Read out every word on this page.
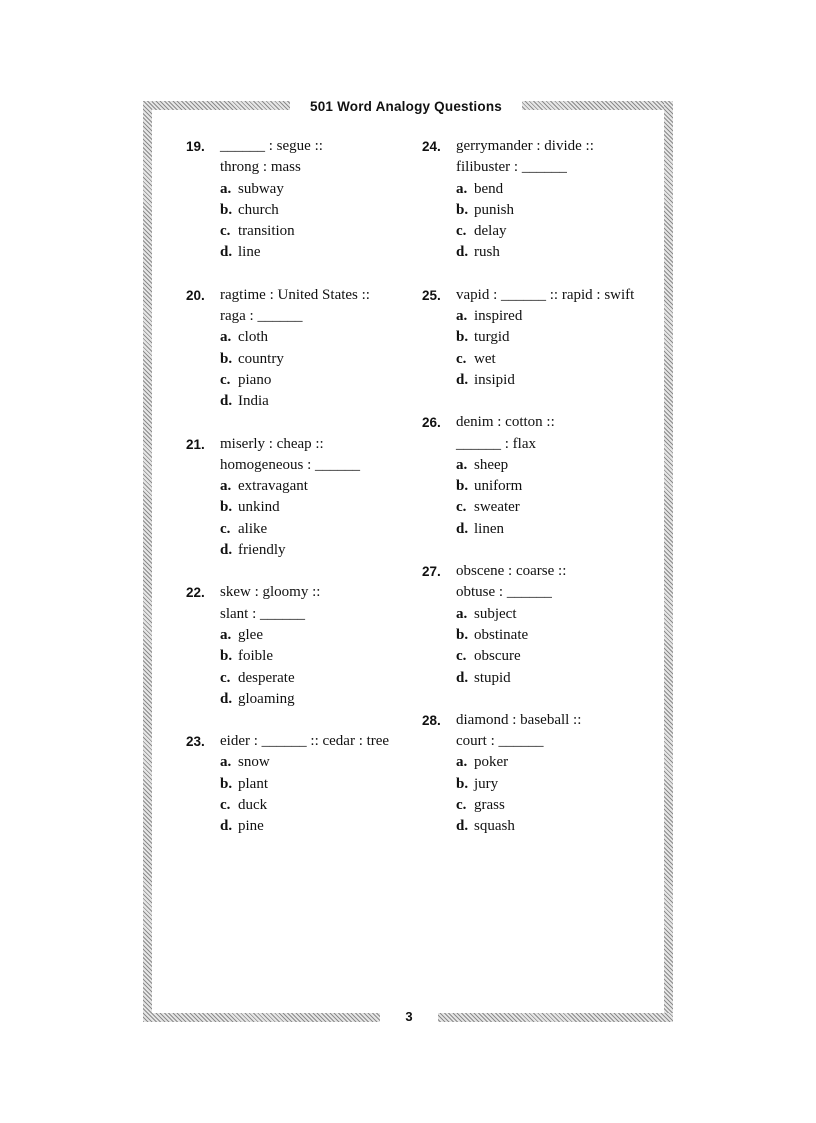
501 Word Analogy Questions
3
19. ______ : segue ::
throng : mass
a. subway
b. church
c. transition
d. line
20. ragtime : United States ::
raga : ______
a. cloth
b. country
c. piano
d. India
21. miserly : cheap ::
homogeneous : ______
a. extravagant
b. unkind
c. alike
d. friendly
22. skew : gloomy ::
slant : ______
a. glee
b. foible
c. desperate
d. gloaming
23. eider : ______ :: cedar : tree
a. snow
b. plant
c. duck
d. pine
24. gerrymander : divide ::
filibuster : ______
a. bend
b. punish
c. delay
d. rush
25. vapid : ______ :: rapid : swift
a. inspired
b. turgid
c. wet
d. insipid
26. denim : cotton ::
______ : flax
a. sheep
b. uniform
c. sweater
d. linen
27. obscene : coarse ::
obtuse : ______
a. subject
b. obstinate
c. obscure
d. stupid
28. diamond : baseball ::
court : ______
a. poker
b. jury
c. grass
d. squash
